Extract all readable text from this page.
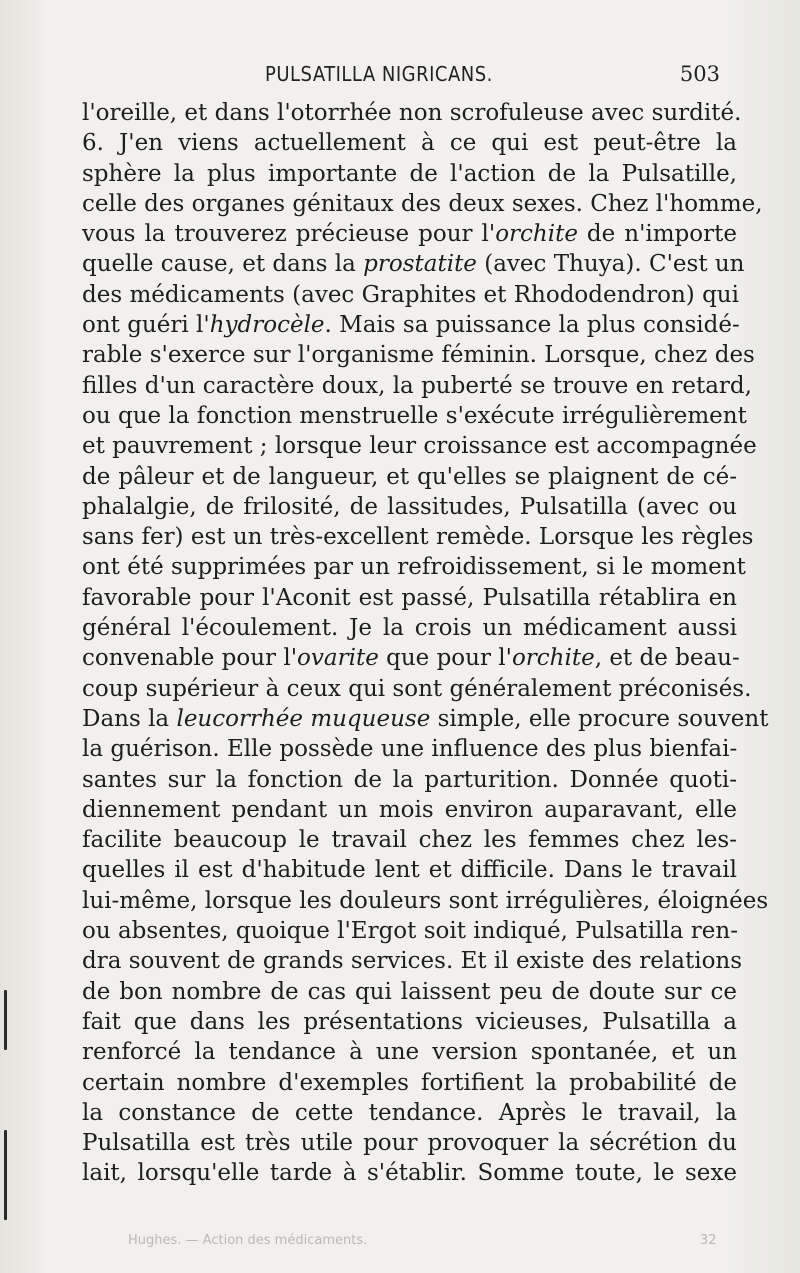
PULSATILLA NIGRICANS.	503
l'oreille, et dans l'otorrhée non scrofuleuse avec surdité.
6. J'en viens actuellement à ce qui est peut-être la
sphère la plus importante de l'action de la Pulsatille,
celle des organes génitaux des deux sexes. Chez l'homme,
vous la trouverez précieuse pour l'orchite de n'importe
quelle cause, et dans la prostatite (avec Thuya). C'est un
des médicaments (avec Graphites et Rhododendron) qui
ont guéri l'hydrocèle. Mais sa puissance la plus considé-
rable s'exerce sur l'organisme féminin. Lorsque, chez des
filles d'un caractère doux, la puberté se trouve en retard,
ou que la fonction menstruelle s'exécute irrégulièrement
et pauvrement ; lorsque leur croissance est accompagnée
de pâleur et de langueur, et qu'elles se plaignent de cé-
phalalgie, de frilosité, de lassitudes, Pulsatilla (avec ou
sans fer) est un très-excellent remède. Lorsque les règles
ont été supprimées par un refroidissement, si le moment
favorable pour l'Aconit est passé, Pulsatilla rétablira en
général l'écoulement. Je la crois un médicament aussi
convenable pour l'ovarite que pour l'orchite, et de beau-
coup supérieur à ceux qui sont généralement préconisés.
Dans la leucorrhée muqueuse simple, elle procure souvent
la guérison. Elle possède une influence des plus bienfai-
santes sur la fonction de la parturition. Donnée quoti-
diennement pendant un mois environ auparavant, elle
facilite beaucoup le travail chez les femmes chez les-
quelles il est d'habitude lent et difficile. Dans le travail
lui-même, lorsque les douleurs sont irrégulières, éloignées
ou absentes, quoique l'Ergot soit indiqué, Pulsatilla ren-
dra souvent de grands services. Et il existe des relations
de bon nombre de cas qui laissent peu de doute sur ce
fait que dans les présentations vicieuses, Pulsatilla a
renforcé la tendance à une version spontanée, et un
certain nombre d'exemples fortifient la probabilité de
la constance de cette tendance. Après le travail, la
Pulsatilla est très utile pour provoquer la sécrétion du
lait, lorsqu'elle tarde à s'établir. Somme toute, le sexe
Hughes. — Action des médicaments.	32
